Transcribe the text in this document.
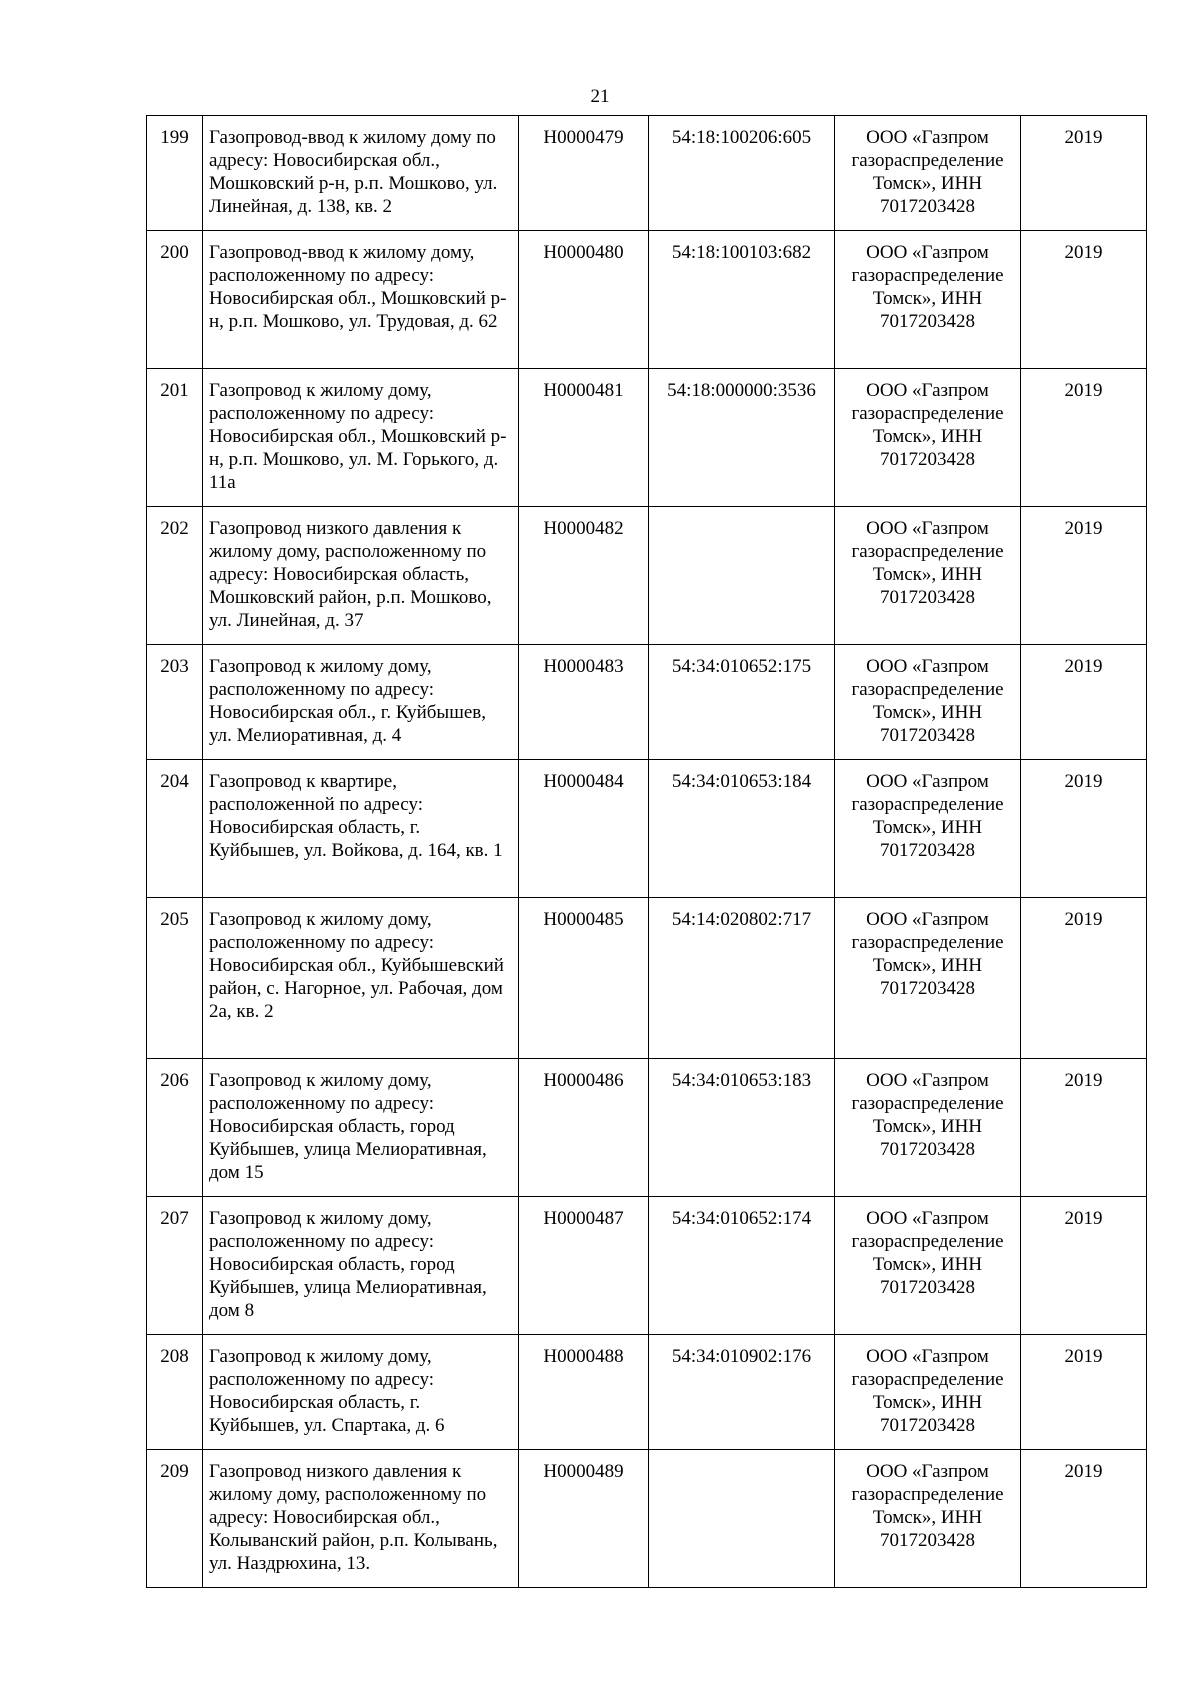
21
199	Газопровод-ввод к жилому дому по адресу: Новосибирская обл., Мошковский р-н, р.п. Мошково, ул. Линейная, д. 138, кв. 2	Н0000479	54:18:100206:605	ООО «Газпром газораспределение Томск», ИНН 7017203428	2019
200	Газопровод-ввод к жилому дому, расположенному по адресу: Новосибирская обл., Мошковский р-н, р.п. Мошково, ул. Трудовая, д. 62	Н0000480	54:18:100103:682	ООО «Газпром газораспределение Томск», ИНН 7017203428	2019
201	Газопровод к жилому дому, расположенному по адресу: Новосибирская обл., Мошковский р-н, р.п. Мошково, ул. М. Горького, д. 11а	Н0000481	54:18:000000:3536	ООО «Газпром газораспределение Томск», ИНН 7017203428	2019
202	Газопровод низкого давления к жилому дому, расположенному по адресу: Новосибирская область, Мошковский район, р.п. Мошково, ул. Линейная, д. 37	Н0000482		ООО «Газпром газораспределение Томск», ИНН 7017203428	2019
203	Газопровод к жилому дому, расположенному по адресу: Новосибирская обл., г. Куйбышев, ул. Мелиоративная, д. 4	Н0000483	54:34:010652:175	ООО «Газпром газораспределение Томск», ИНН 7017203428	2019
204	Газопровод к квартире, расположенной по адресу: Новосибирская область, г. Куйбышев, ул. Войкова, д. 164, кв. 1	Н0000484	54:34:010653:184	ООО «Газпром газораспределение Томск», ИНН 7017203428	2019
205	Газопровод к жилому дому, расположенному по адресу: Новосибирская обл., Куйбышевский район, с. Нагорное, ул. Рабочая, дом 2а, кв. 2	Н0000485	54:14:020802:717	ООО «Газпром газораспределение Томск», ИНН 7017203428	2019
206	Газопровод к жилому дому, расположенному по адресу: Новосибирская область, город Куйбышев, улица Мелиоративная, дом 15	Н0000486	54:34:010653:183	ООО «Газпром газораспределение Томск», ИНН 7017203428	2019
207	Газопровод к жилому дому, расположенному по адресу: Новосибирская область, город Куйбышев, улица Мелиоративная, дом 8	Н0000487	54:34:010652:174	ООО «Газпром газораспределение Томск», ИНН 7017203428	2019
208	Газопровод к жилому дому, расположенному по адресу: Новосибирская область, г. Куйбышев, ул. Спартака, д. 6	Н0000488	54:34:010902:176	ООО «Газпром газораспределение Томск», ИНН 7017203428	2019
209	Газопровод низкого давления к жилому дому, расположенному по адресу: Новосибирская обл., Колыванский район, р.п. Колывань, ул. Наздрюхина, 13.	Н0000489		ООО «Газпром газораспределение Томск», ИНН 7017203428	2019
